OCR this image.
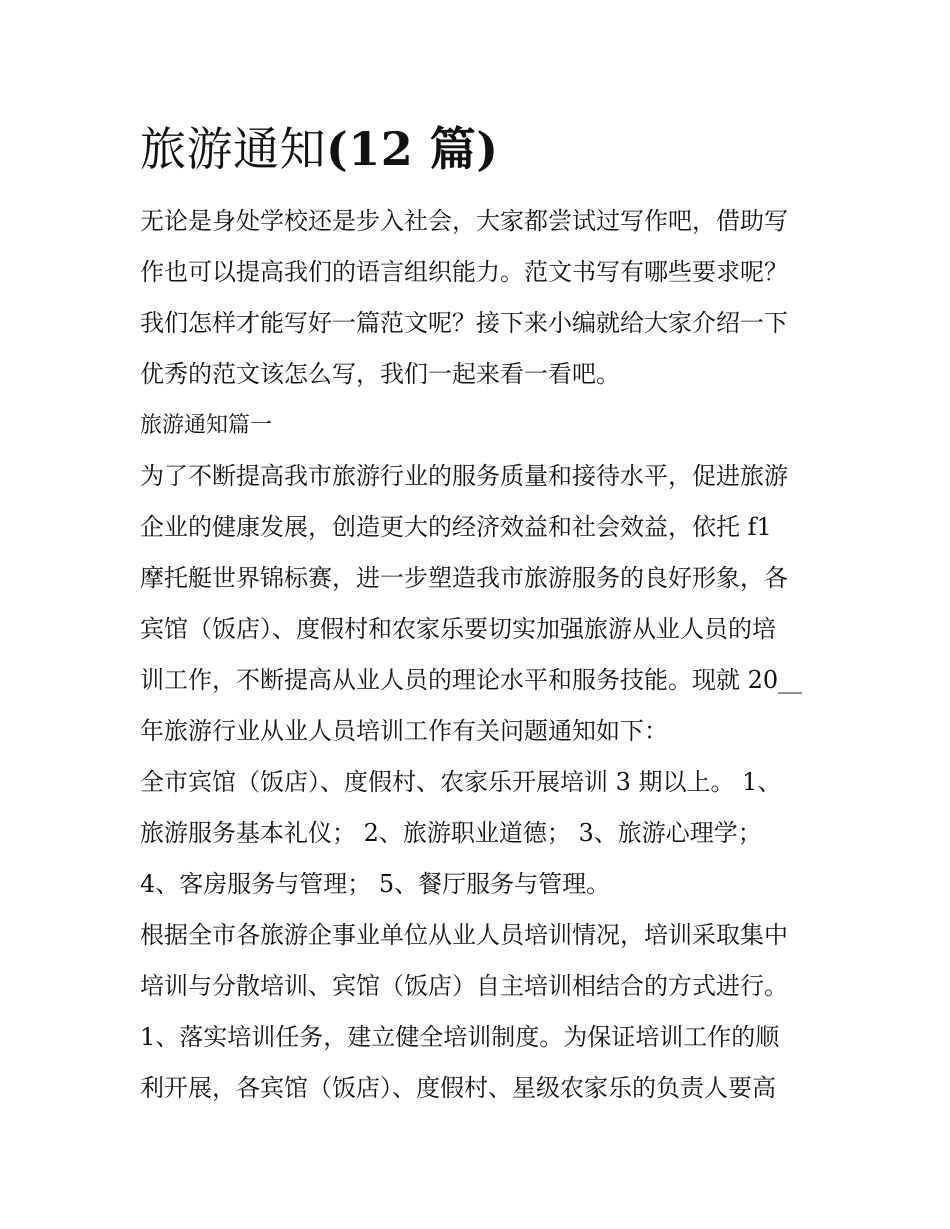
旅游通知(12 篇)
无论是身处学校还是步入社会，大家都尝试过写作吧，借助写
作也可以提高我们的语言组织能力。范文书写有哪些要求呢？
我们怎样才能写好一篇范文呢？接下来小编就给大家介绍一下
优秀的范文该怎么写，我们一起来看一看吧。
旅游通知篇一
为了不断提高我市旅游行业的服务质量和接待水平，促进旅游
企业的健康发展，创造更大的经济效益和社会效益，依托 f1
摩托艇世界锦标赛，进一步塑造我市旅游服务的良好形象，各
宾馆（饭店）、度假村和农家乐要切实加强旅游从业人员的培
训工作，不断提高从业人员的理论水平和服务技能。现就 20__
年旅游行业从业人员培训工作有关问题通知如下：
全市宾馆（饭店）、度假村、农家乐开展培训 3 期以上。 1、
旅游服务基本礼仪； 2、旅游职业道德； 3、旅游心理学；
4、客房服务与管理； 5、餐厅服务与管理。
根据全市各旅游企事业单位从业人员培训情况，培训采取集中
培训与分散培训、宾馆（饭店）自主培训相结合的方式进行。
1、落实培训任务，建立健全培训制度。为保证培训工作的顺
利开展，各宾馆（饭店）、度假村、星级农家乐的负责人要高
